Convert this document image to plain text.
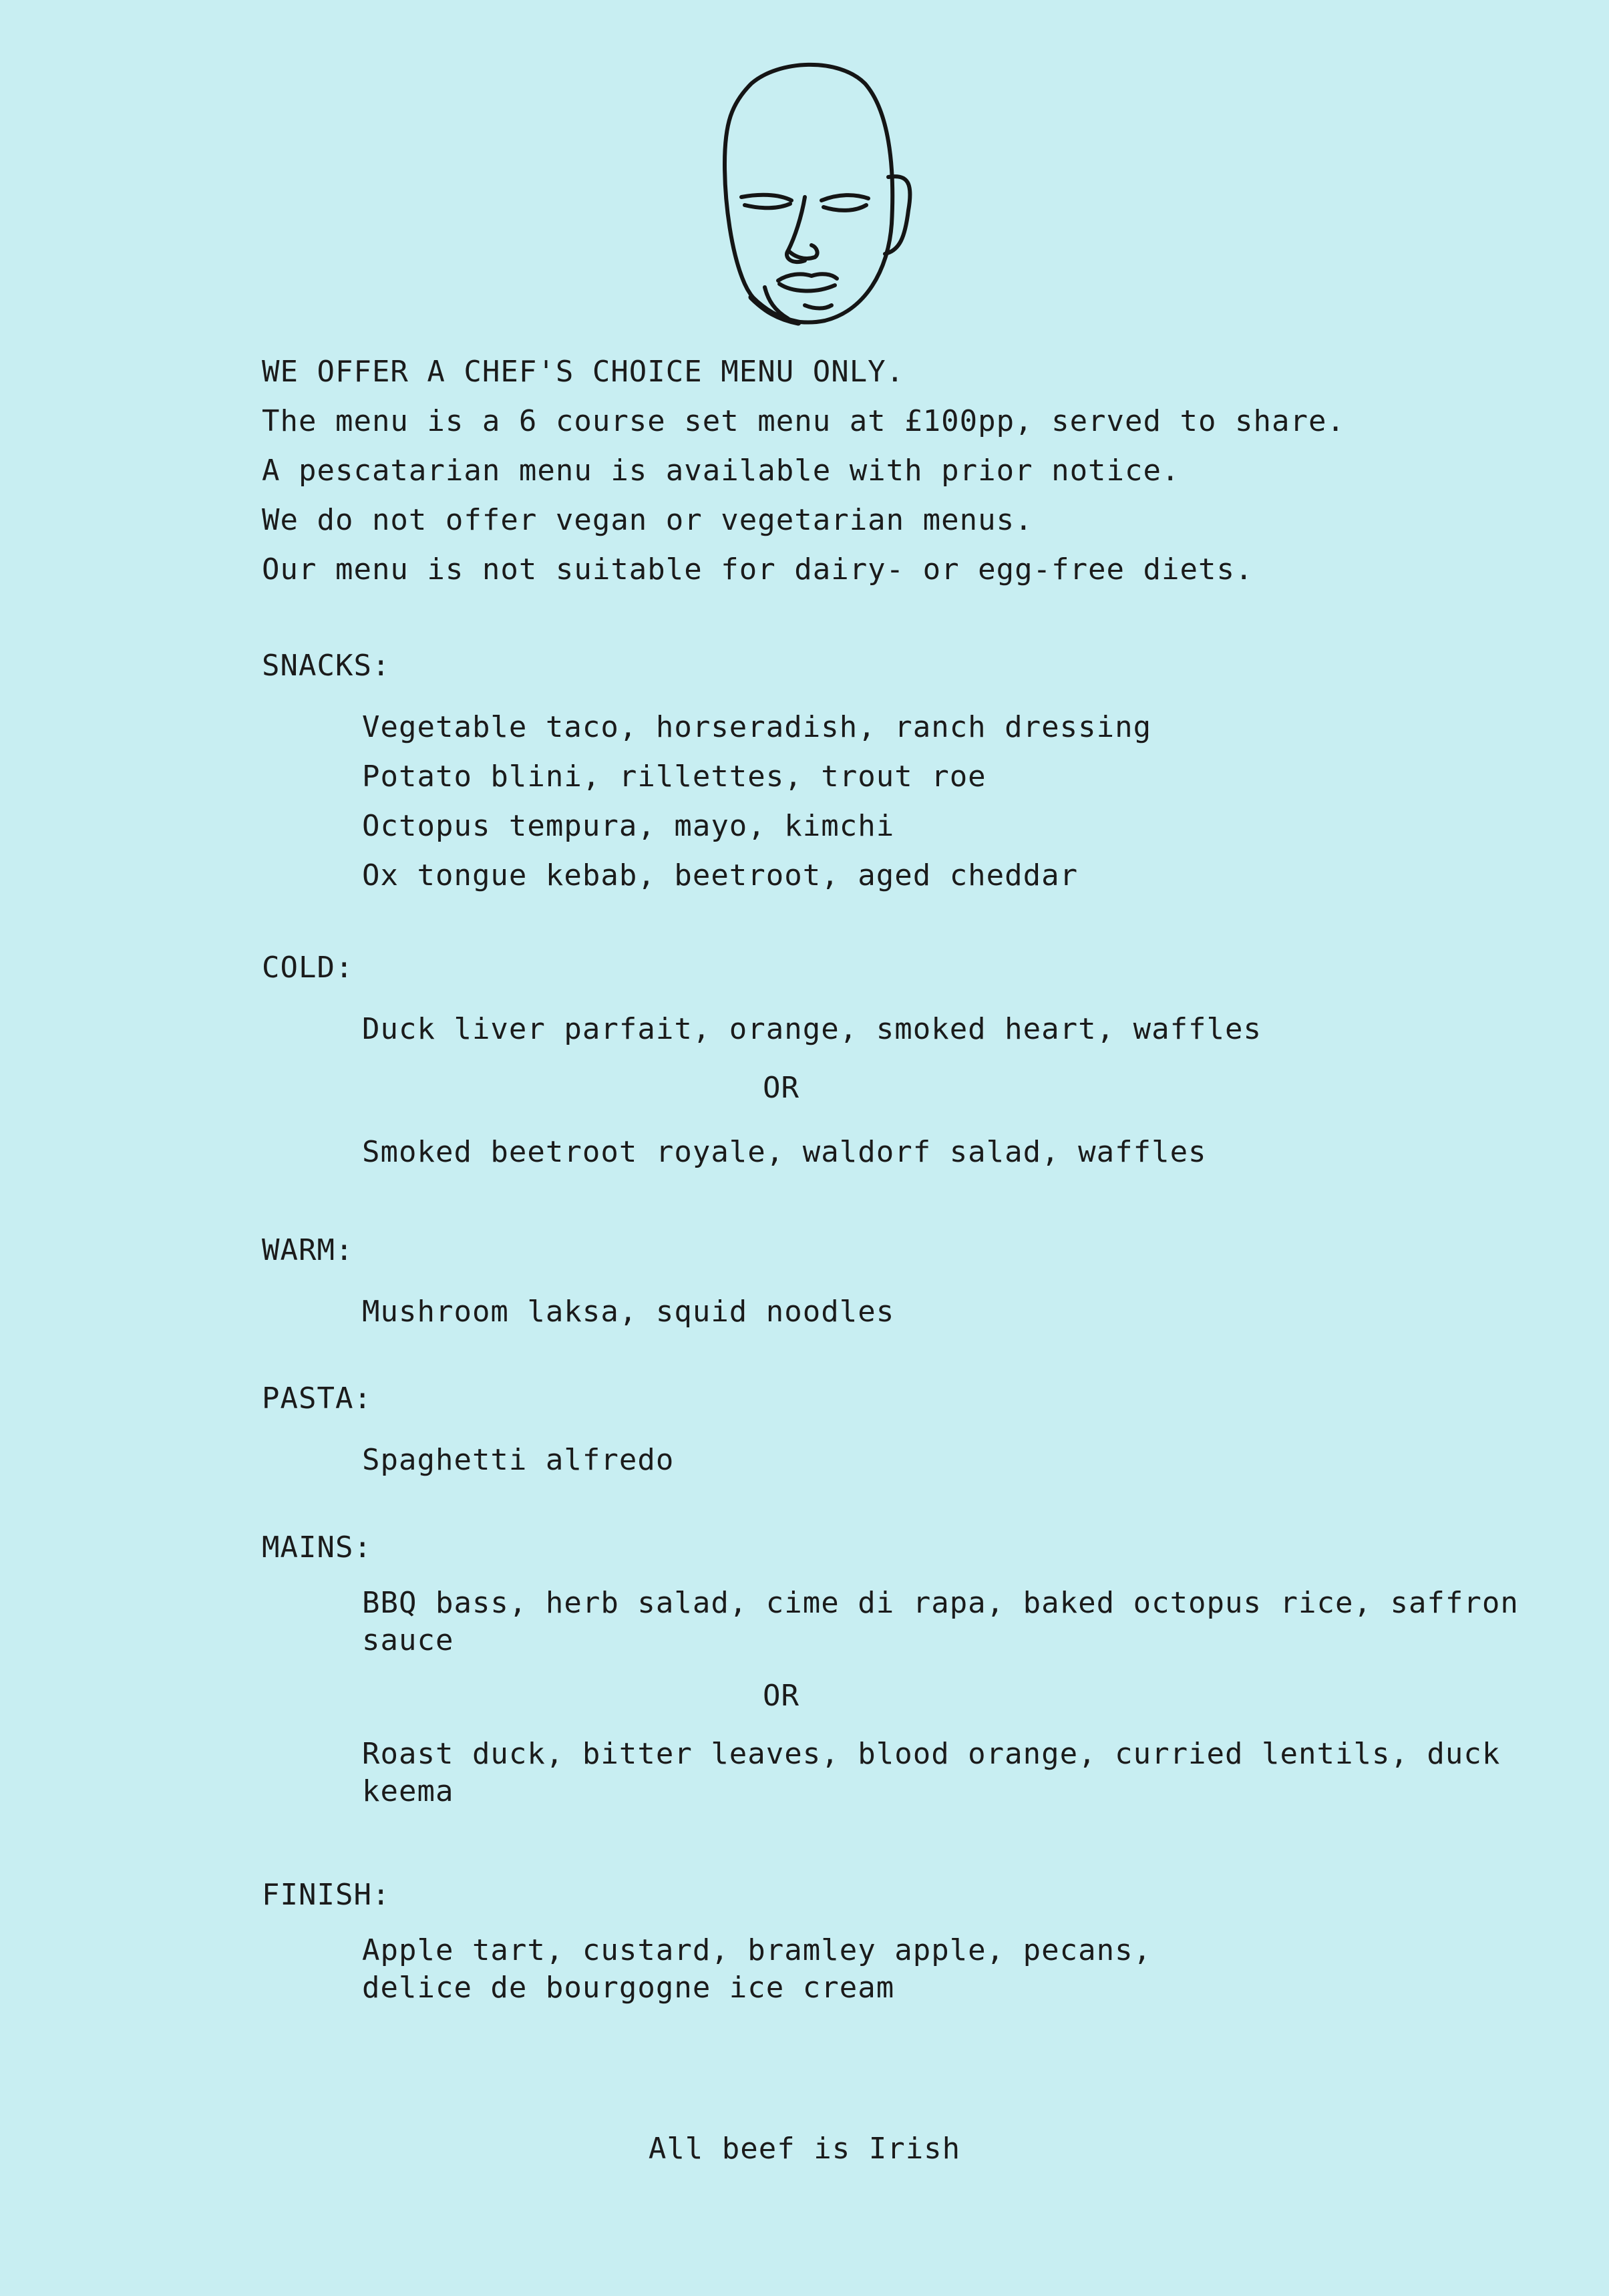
WE OFFER A CHEF'S CHOICE MENU ONLY.
The menu is a 6 course set menu at £100pp, served to share.
A pescatarian menu is available with prior notice.
We do not offer vegan or vegetarian menus.
Our menu is not suitable for dairy- or egg-free diets.
SNACKS:
Vegetable taco, horseradish, ranch dressing
Potato blini, rillettes, trout roe
Octopus tempura, mayo, kimchi
Ox tongue kebab, beetroot, aged cheddar
COLD:
Duck liver parfait, orange, smoked heart, waffles
OR
Smoked beetroot royale, waldorf salad, waffles
WARM:
Mushroom laksa, squid noodles
PASTA:
Spaghetti alfredo
MAINS:
BBQ bass, herb salad, cime di rapa, baked octopus rice, saffron sauce
OR
Roast duck, bitter leaves, blood orange, curried lentils, duck keema
FINISH:
Apple tart, custard, bramley apple, pecans, delice de bourgogne ice cream
All beef is Irish
